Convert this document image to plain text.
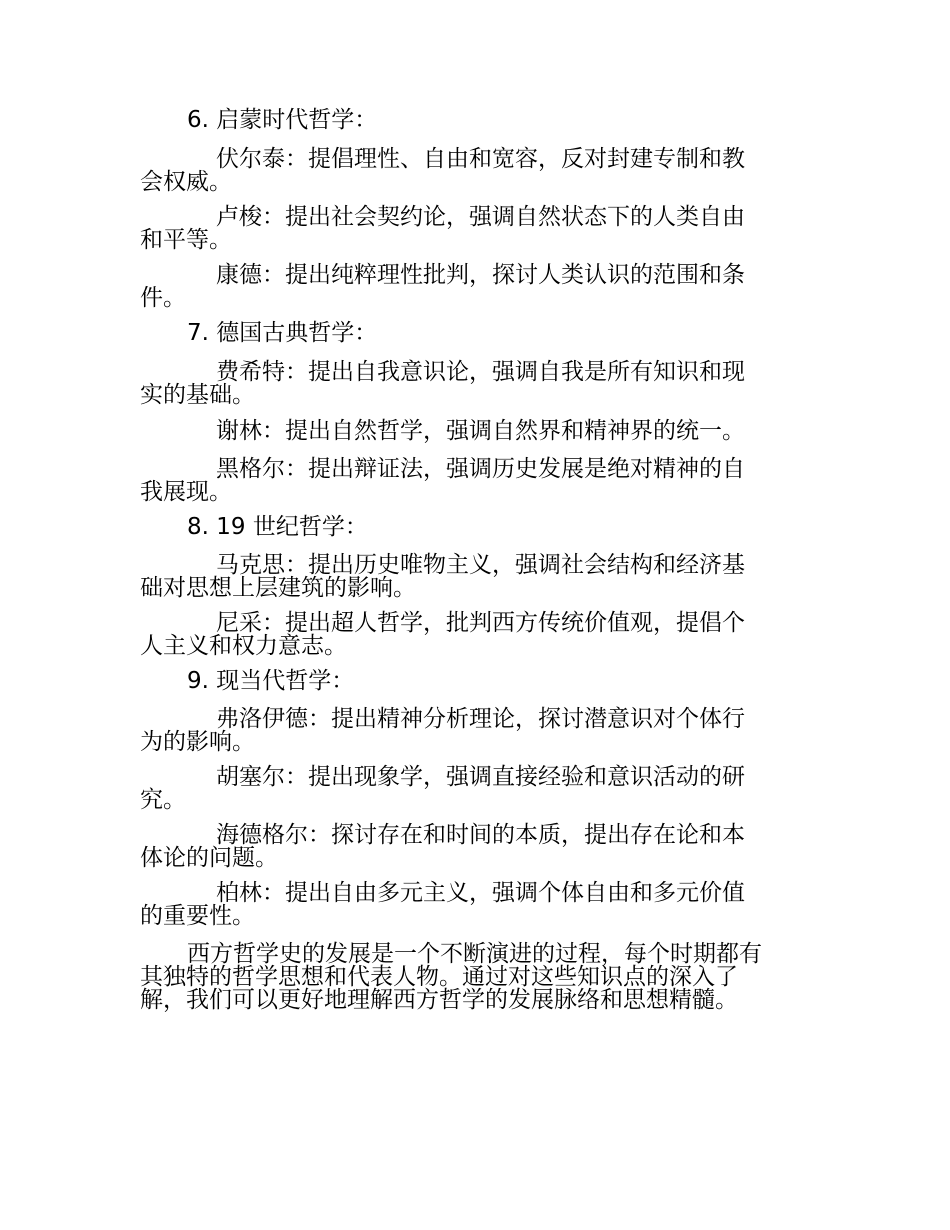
6. 启蒙时代哲学：
伏尔泰：提倡理性、自由和宽容，反对封建专制和教
会权威。
卢梭：提出社会契约论，强调自然状态下的人类自由
和平等。
康德：提出纯粹理性批判，探讨人类认识的范围和条
件。
7. 德国古典哲学：
费希特：提出自我意识论，强调自我是所有知识和现
实的基础。
谢林：提出自然哲学，强调自然界和精神界的统一。
黑格尔：提出辩证法，强调历史发展是绝对精神的自
我展现。
8. 19 世纪哲学：
马克思：提出历史唯物主义，强调社会结构和经济基
础对思想上层建筑的影响。
尼采：提出超人哲学，批判西方传统价值观，提倡个
人主义和权力意志。
9. 现当代哲学：
弗洛伊德：提出精神分析理论，探讨潜意识对个体行
为的影响。
胡塞尔：提出现象学，强调直接经验和意识活动的研
究。
海德格尔：探讨存在和时间的本质，提出存在论和本
体论的问题。
柏林：提出自由多元主义，强调个体自由和多元价值
的重要性。
西方哲学史的发展是一个不断演进的过程，每个时期都有
其独特的哲学思想和代表人物。通过对这些知识点的深入了
解，我们可以更好地理解西方哲学的发展脉络和思想精髓。
